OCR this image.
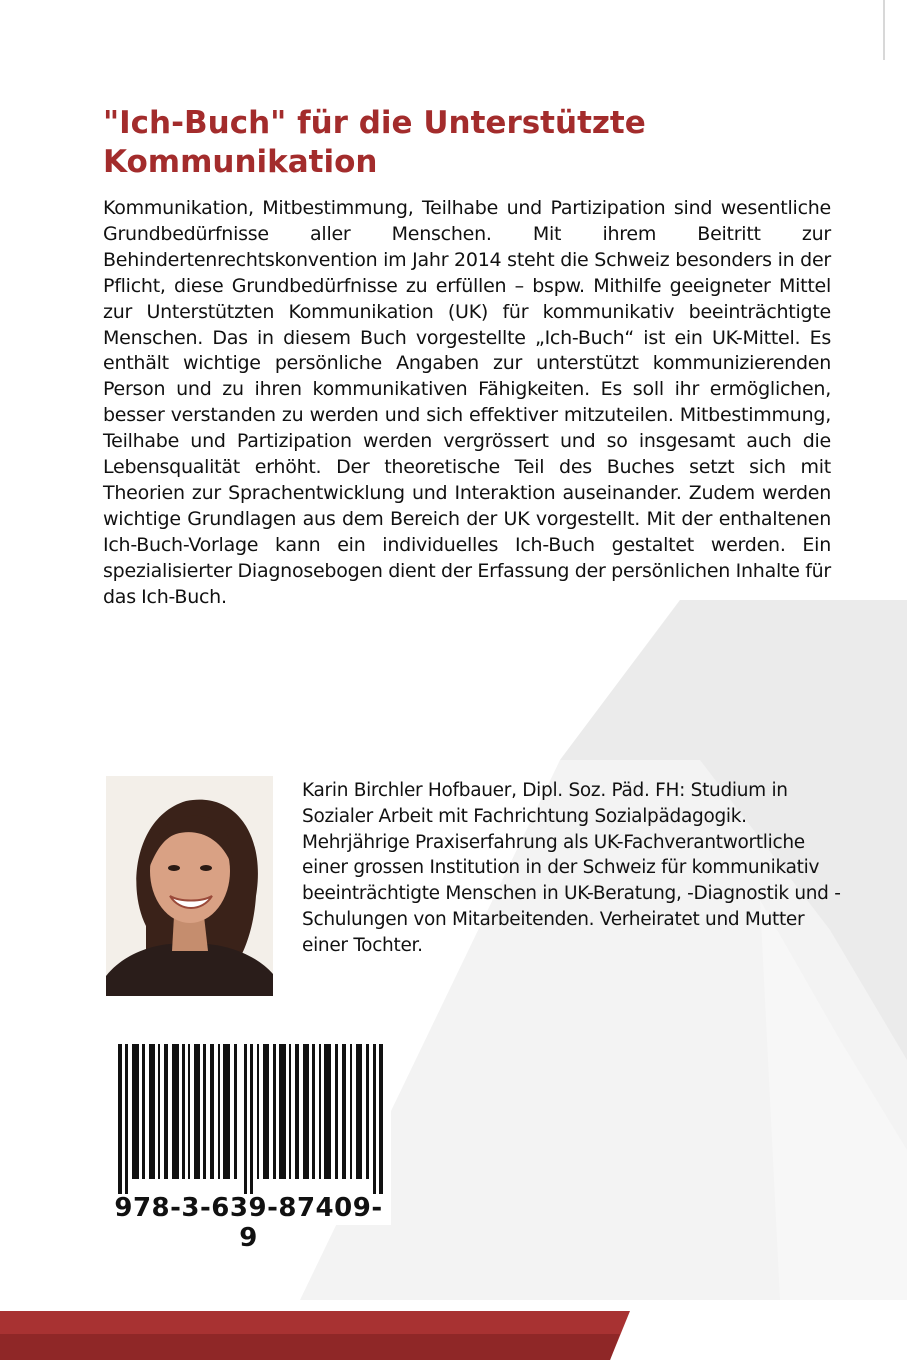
"Ich-Buch" für die Unterstützte Kommunikation

Kommunikation, Mitbestimmung, Teilhabe und Partizipation sind wesentliche Grundbedürfnisse aller Menschen. Mit ihrem Beitritt zur Behindertenrechtskonvention im Jahr 2014 steht die Schweiz besonders in der Pflicht, diese Grundbedürfnisse zu erfüllen – bspw. Mithilfe geeigneter Mittel zur Unterstützten Kommunikation (UK) für kommunikativ beeinträchtigte Menschen. Das in diesem Buch vorgestellte „Ich-Buch“ ist ein UK-Mittel. Es enthält wichtige persönliche Angaben zur unterstützt kommunizierenden Person und zu ihren kommunikativen Fähigkeiten. Es soll ihr ermöglichen, besser verstanden zu werden und sich effektiver mitzuteilen. Mitbestimmung, Teilhabe und Partizipation werden vergrössert und so insgesamt auch die Lebensqualität erhöht. Der theoretische Teil des Buches setzt sich mit Theorien zur Sprachentwicklung und Interaktion auseinander. Zudem werden wichtige Grundlagen aus dem Bereich der UK vorgestellt. Mit der enthaltenen Ich-Buch-Vorlage kann ein individuelles Ich-Buch gestaltet werden. Ein spezialisierter Diagnosebogen dient der Erfassung der persönlichen Inhalte für das Ich-Buch.

Karin Birchler Hofbauer, Dipl. Soz. Päd. FH: Studium in Sozialer Arbeit mit Fachrichtung Sozialpädagogik. Mehrjährige Praxiserfahrung als UK-Fachverantwortliche einer grossen Institution in der Schweiz für kommunikativ beeinträchtigte Menschen in UK-Beratung, -Diagnostik und -Schulungen von Mitarbeitenden. Verheiratet und Mutter einer Tochter.

978-3-639-87409-9
